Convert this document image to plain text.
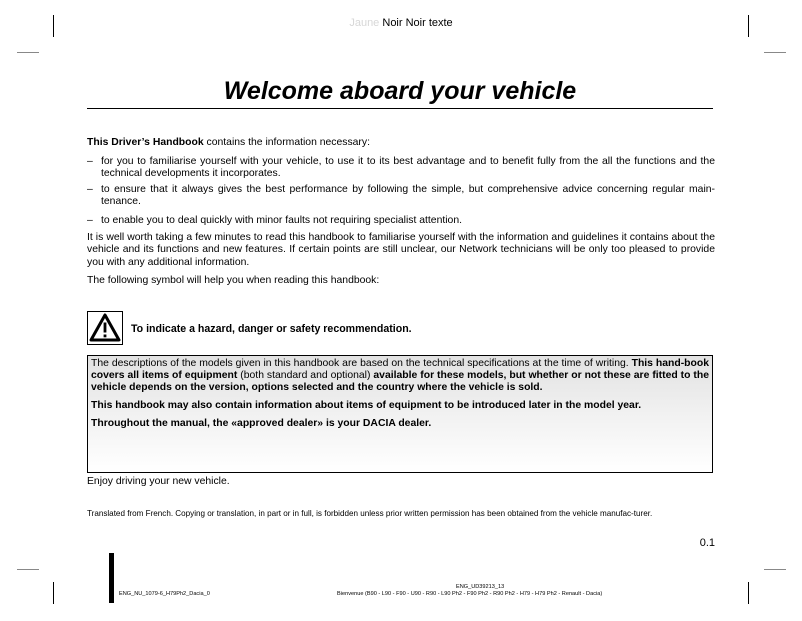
Jaune Noir Noir texte
Welcome aboard your vehicle
This Driver’s Handbook contains the information necessary:
– for you to familiarise yourself with your vehicle, to use it to its best advantage and to benefit fully from the all the functions and the technical developments it incorporates.
– to ensure that it always gives the best performance by following the simple, but comprehensive advice concerning regular main-tenance.
– to enable you to deal quickly with minor faults not requiring specialist attention.
It is well worth taking a few minutes to read this handbook to familiarise yourself with the information and guidelines it contains about the vehicle and its functions and new features. If certain points are still unclear, our Network technicians will be only too pleased to provide you with any additional information.
The following symbol will help you when reading this handbook:
To indicate a hazard, danger or safety recommendation.

The descriptions of the models given in this handbook are based on the technical specifications at the time of writing. This hand-book covers all items of equipment (both standard and optional) available for these models, but whether or not these are fitted to the vehicle depends on the version, options selected and the country where the vehicle is sold.

This handbook may also contain information about items of equipment to be introduced later in the model year.

Throughout the manual, the «approved dealer» is your DACIA dealer.

Enjoy driving your new vehicle.
Translated from French. Copying or translation, in part or in full, is forbidden unless prior written permission has been obtained from the vehicle manufac-turer.
0.1
ENG_NU_1079-6_H79Ph2_Dacia_0
ENG_UD39213_13
Bienvenue (B90 - L90 - F90 - U90 - R90 - L90 Ph2 - F90 Ph2 - R90 Ph2 - H79 - H79 Ph2 - Renault - Dacia)
